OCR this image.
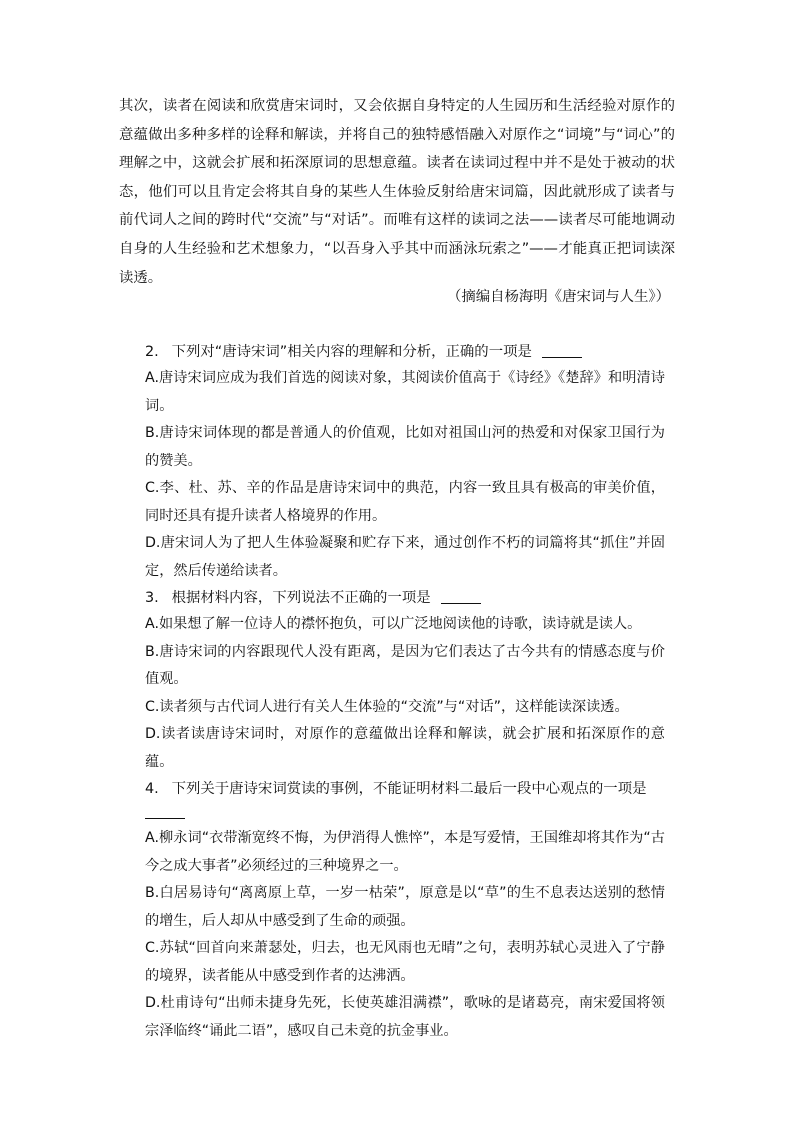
其次，读者在阅读和欣赏唐宋词时，又会依据自身特定的人生园历和生活经验对原作的意蕴做出多种多样的诠释和解读，并将自己的独特感悟融入对原作之“词境”与“词心”的理解之中，这就会扩展和拓深原词的思想意蕴。读者在读词过程中并不是处于被动的状态，他们可以且肯定会将其自身的某些人生体验反射给唐宋词篇，因此就形成了读者与前代词人之间的跨时代“交流”与“对话”。而唯有这样的读词之法——读者尽可能地调动自身的人生经验和艺术想象力，“以吾身入乎其中而涵泳玩索之”——才能真正把词读深读透。

（摘编自杨海明《唐宋词与人生》）

2. 下列对“唐诗宋词”相关内容的理解和分析，正确的一项是

A.唐诗宋词应成为我们首选的阅读对象，其阅读价值高于《诗经》《楚辞》和明清诗词。

B.唐诗宋词体现的都是普通人的价值观，比如对祖国山河的热爱和对保家卫国行为的赞美。

C.李、杜、苏、辛的作品是唐诗宋词中的典范，内容一致且具有极高的审美价值，同时还具有提升读者人格境界的作用。

D.唐宋词人为了把人生体验凝聚和贮存下来，通过创作不朽的词篇将其“抓住”并固定，然后传递给读者。

3. 根据材料内容，下列说法不正确的一项是

A.如果想了解一位诗人的襟怀抱负，可以广泛地阅读他的诗歌，读诗就是读人。

B.唐诗宋词的内容跟现代人没有距离，是因为它们表达了古今共有的情感态度与价值观。

C.读者须与古代词人进行有关人生体验的“交流”与“对话”，这样能读深读透。

D.读者读唐诗宋词时，对原作的意蕴做出诠释和解读，就会扩展和拓深原作的意蕴。

4. 下列关于唐诗宋词赏读的事例，不能证明材料二最后一段中心观点的一项是

A.柳永词“衣带渐宽终不悔，为伊消得人憔悴”，本是写爱情，王国维却将其作为“古今之成大事者”必须经过的三种境界之一。

B.白居易诗句“离离原上草，一岁一枯荣”，原意是以“草”的生不息表达送别的愁情的增生，后人却从中感受到了生命的顽强。

C.苏轼“回首向来萧瑟处，归去，也无风雨也无晴”之句，表明苏轼心灵进入了宁静的境界，读者能从中感受到作者的达沸洒。

D.杜甫诗句“出师未捷身先死，长使英雄泪满襟”，歌咏的是诸葛亮，南宋爱国将领宗泽临终“诵此二语”，感叹自己未竟的抗金事业。
